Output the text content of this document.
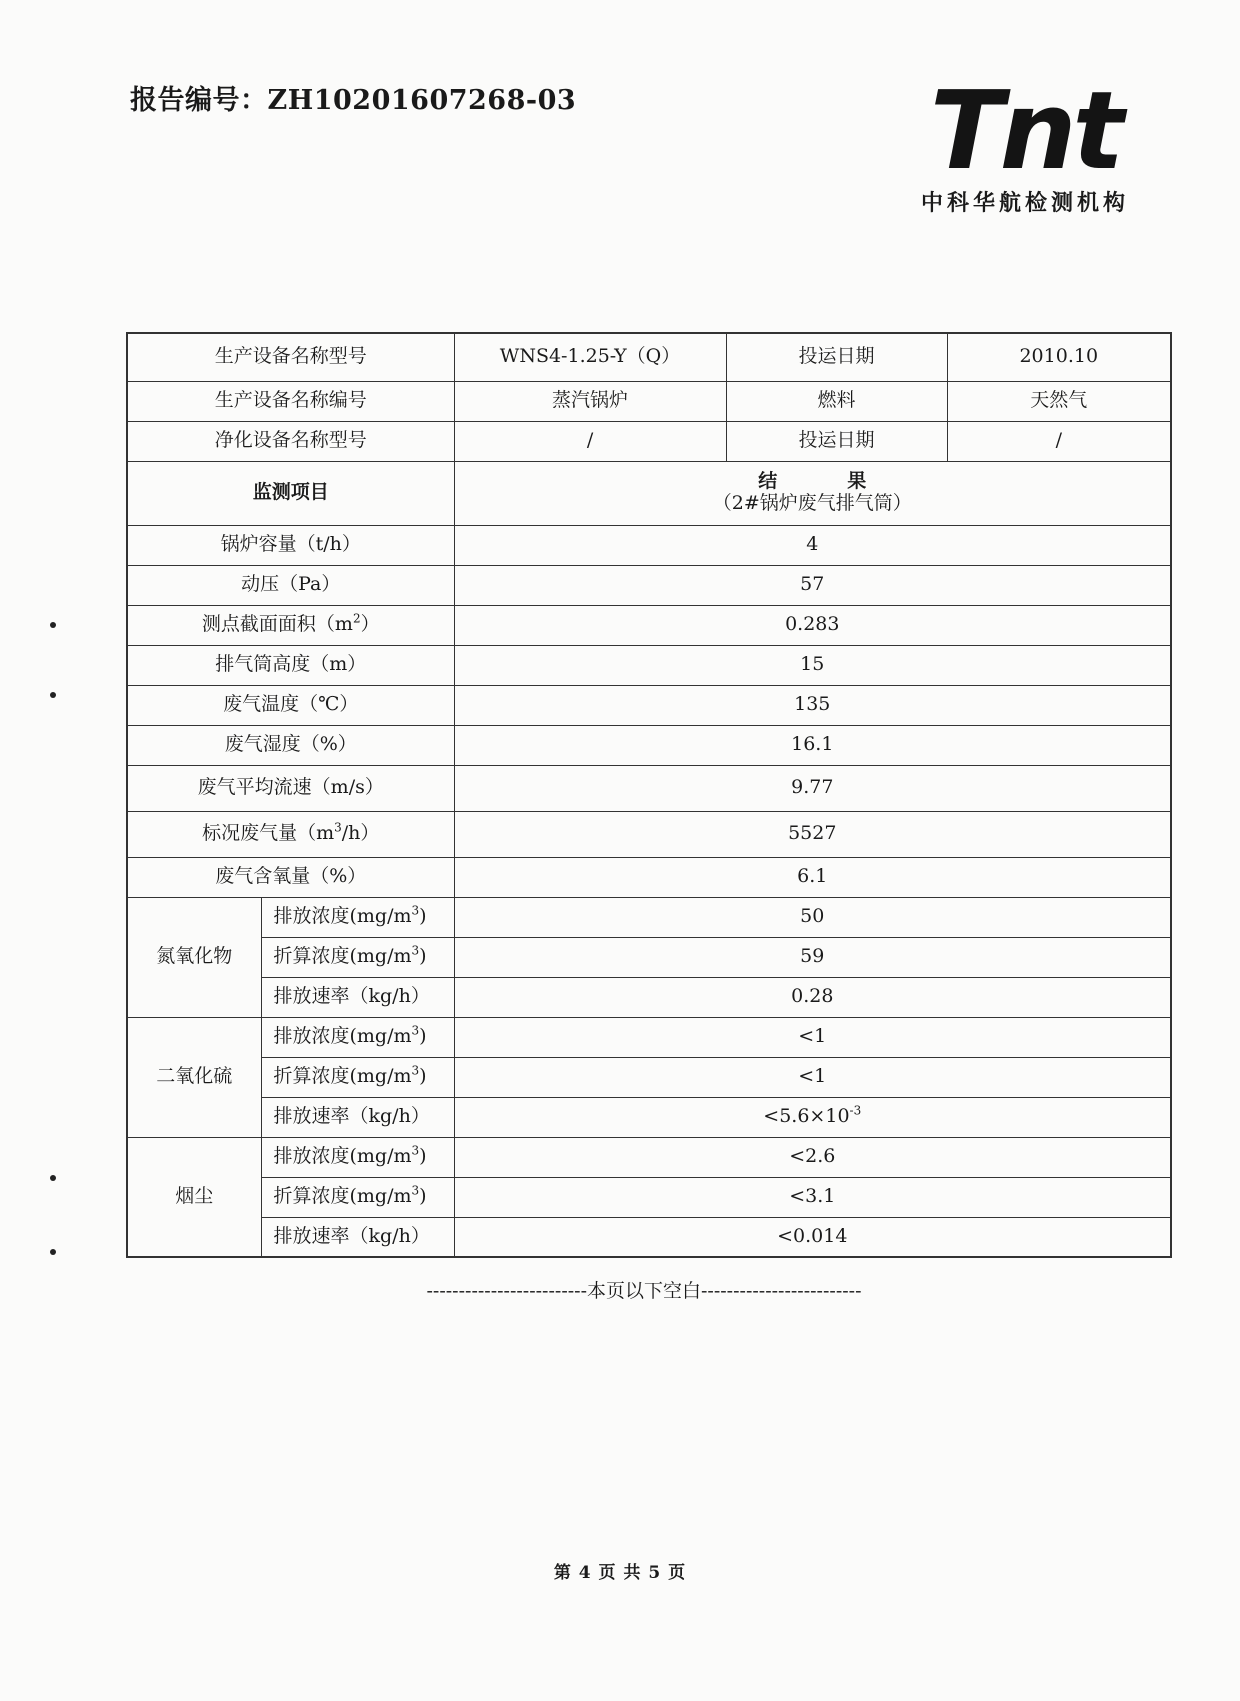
报告编号：ZH10201607268-03	Tnt
中科华航检测机构
生产设备名称型号		WNS4-1.25-Y（Q）	投运日期	2010.10
生产设备名称编号		蒸汽锅炉	燃料	天然气
净化设备名称型号		/	投运日期	/
监测项目		结果
（2#锅炉废气排气筒）		

锅炉容量（t/h）		4		
动压（Pa）		57		
测点截面面积$(m^2)$		0.283		
排气筒高度（m）		15		
废气温度（℃）		135		
废气湿度（%）		16.1		
废气平均流速（m/s）		9.77		
标况废气量$(m^3/h)$		5527		
废气含氧量（%）		6.1		
氮氧化物	排放浓度$(mg/m^3)$	50		
	折算浓度$(mg/m^3)$	59		
	排放速率（kg/h）	0.28		
二氧化硫	排放浓度$(mg/m^3)$	<1		
	折算浓度$(mg/m^3)$	<1		
	排放速率（kg/h）	$<5.6\times 10^{-3}$
烟尘	排放浓度$(mg/m^3)$	<2.6		
	折算浓度$(mg/m^3)$	<3.1		
	排放速率（kg/h）	<0.014		
-------------------------本页以下空白-------------------------
第 4 页 共 5 页
